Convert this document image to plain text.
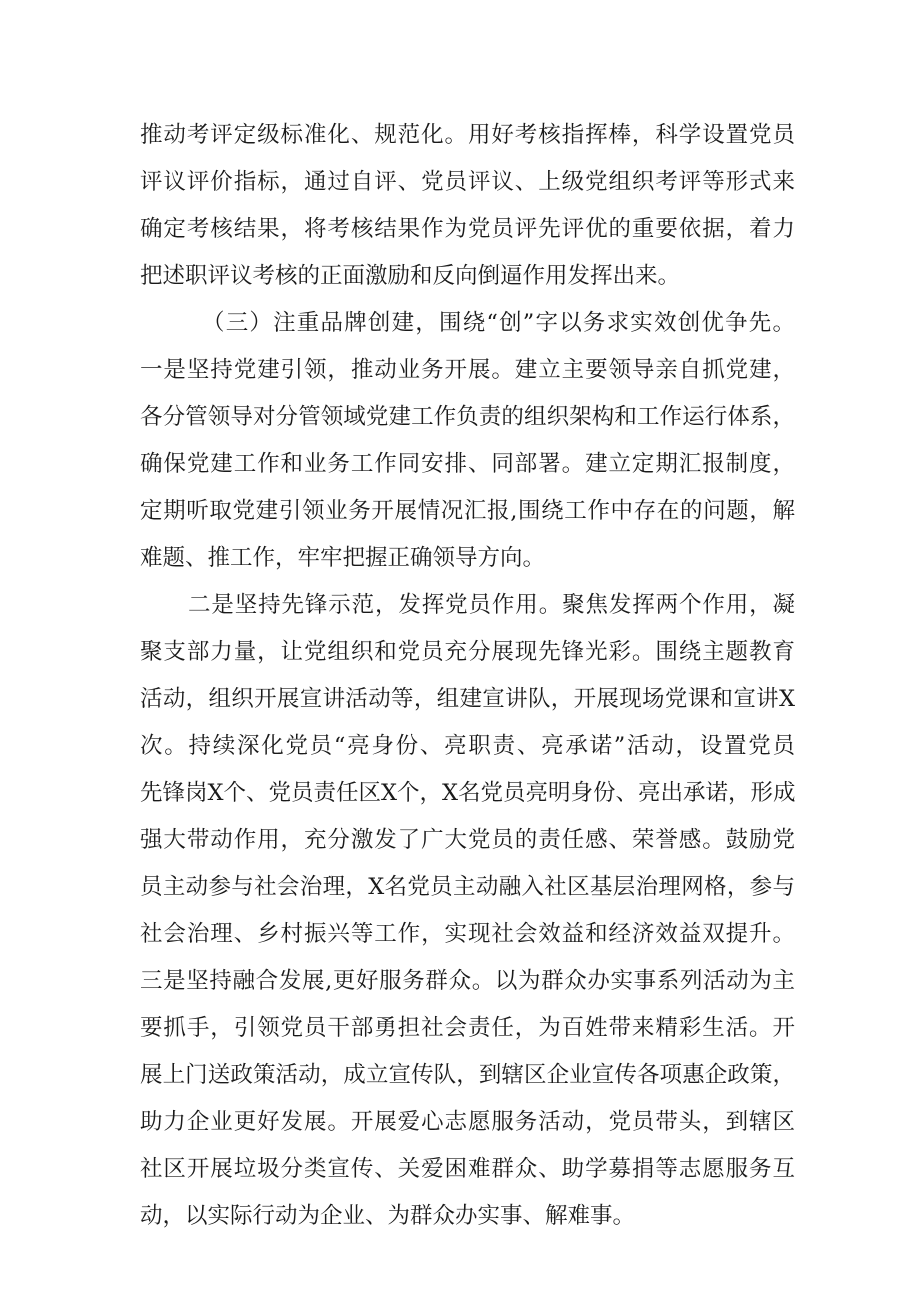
推动考评定级标准化、规范化。用好考核指挥棒，科学设置党员
评议评价指标，通过自评、党员评议、上级党组织考评等形式来
确定考核结果，将考核结果作为党员评先评优的重要依据，着力
把述职评议考核的正面激励和反向倒逼作用发挥出来。
（三）注重品牌创建，围绕“创”字以务求实效创优争先。
一是坚持党建引领，推动业务开展。建立主要领导亲自抓党建，
各分管领导对分管领域党建工作负责的组织架构和工作运行体系，
确保党建工作和业务工作同安排、同部署。建立定期汇报制度，
定期听取党建引领业务开展情况汇报,围绕工作中存在的问题，解
难题、推工作，牢牢把握正确领导方向。
二是坚持先锋示范，发挥党员作用。聚焦发挥两个作用，凝
聚支部力量，让党组织和党员充分展现先锋光彩。围绕主题教育
活动，组织开展宣讲活动等，组建宣讲队，开展现场党课和宣讲X
次。持续深化党员“亮身份、亮职责、亮承诺”活动，设置党员
先锋岗X个、党员责任区X个，X名党员亮明身份、亮出承诺，形成
强大带动作用，充分激发了广大党员的责任感、荣誉感。鼓励党
员主动参与社会治理，X名党员主动融入社区基层治理网格，参与
社会治理、乡村振兴等工作，实现社会效益和经济效益双提升。
三是坚持融合发展,更好服务群众。以为群众办实事系列活动为主
要抓手，引领党员干部勇担社会责任，为百姓带来精彩生活。开
展上门送政策活动，成立宣传队，到辖区企业宣传各项惠企政策，
助力企业更好发展。开展爱心志愿服务活动，党员带头，到辖区
社区开展垃圾分类宣传、关爱困难群众、助学募捐等志愿服务互
动，以实际行动为企业、为群众办实事、解难事。
